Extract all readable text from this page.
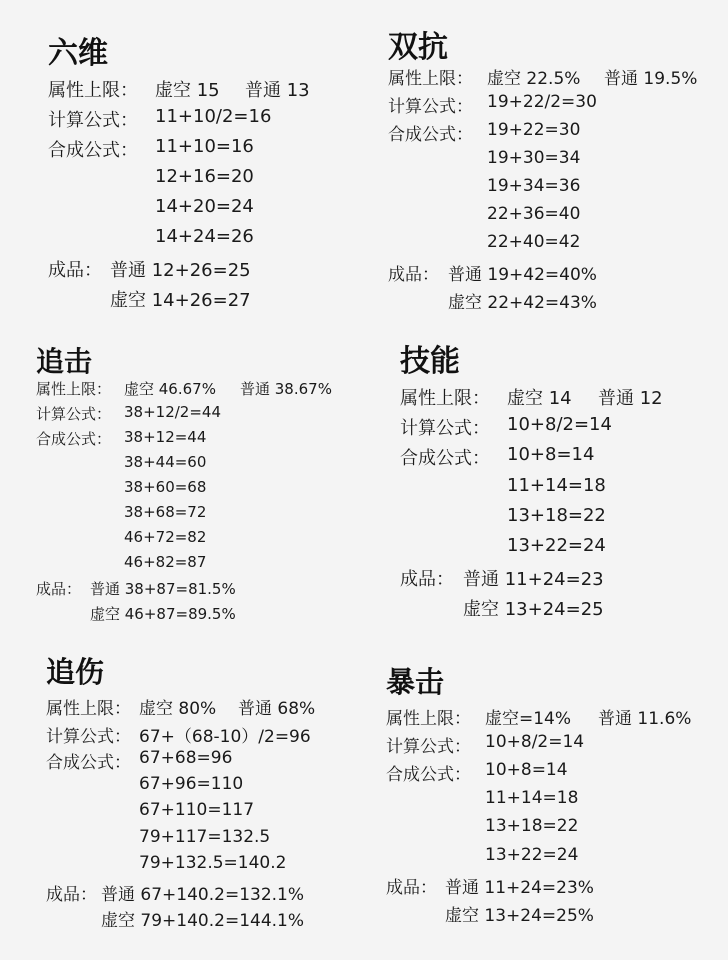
六维
属性上限： 虚空 15 普通 13
计算公式： 11+10/2=16
合成公式： 11+10=16
12+16=20
14+20=24
14+24=26
成品： 普通 12+26=25
虚空 14+26=27
双抗
属性上限： 虚空 22.5% 普通 19.5%
计算公式： 19+22/2=30
合成公式： 19+22=30
19+30=34
19+34=36
22+36=40
22+40=42
成品： 普通 19+42=40%
虚空 22+42=43%
追击
属性上限： 虚空 46.67% 普通 38.67%
计算公式： 38+12/2=44
合成公式： 38+12=44
38+44=60
38+60=68
38+68=72
46+72=82
46+82=87
成品： 普通 38+87=81.5%
虚空 46+87=89.5%
技能
属性上限： 虚空 14 普通 12
计算公式： 10+8/2=14
合成公式： 10+8=14
11+14=18
13+18=22
13+22=24
成品： 普通 11+24=23
虚空 13+24=25
追伤
属性上限： 虚空 80% 普通 68%
计算公式： 67+（68-10）/2=96
合成公式： 67+68=96
67+96=110
67+110=117
79+117=132.5
79+132.5=140.2
成品： 普通 67+140.2=132.1%
虚空 79+140.2=144.1%
暴击
属性上限： 虚空=14% 普通 11.6%
计算公式： 10+8/2=14
合成公式： 10+8=14
11+14=18
13+18=22
13+22=24
成品： 普通 11+24=23%
虚空 13+24=25%
